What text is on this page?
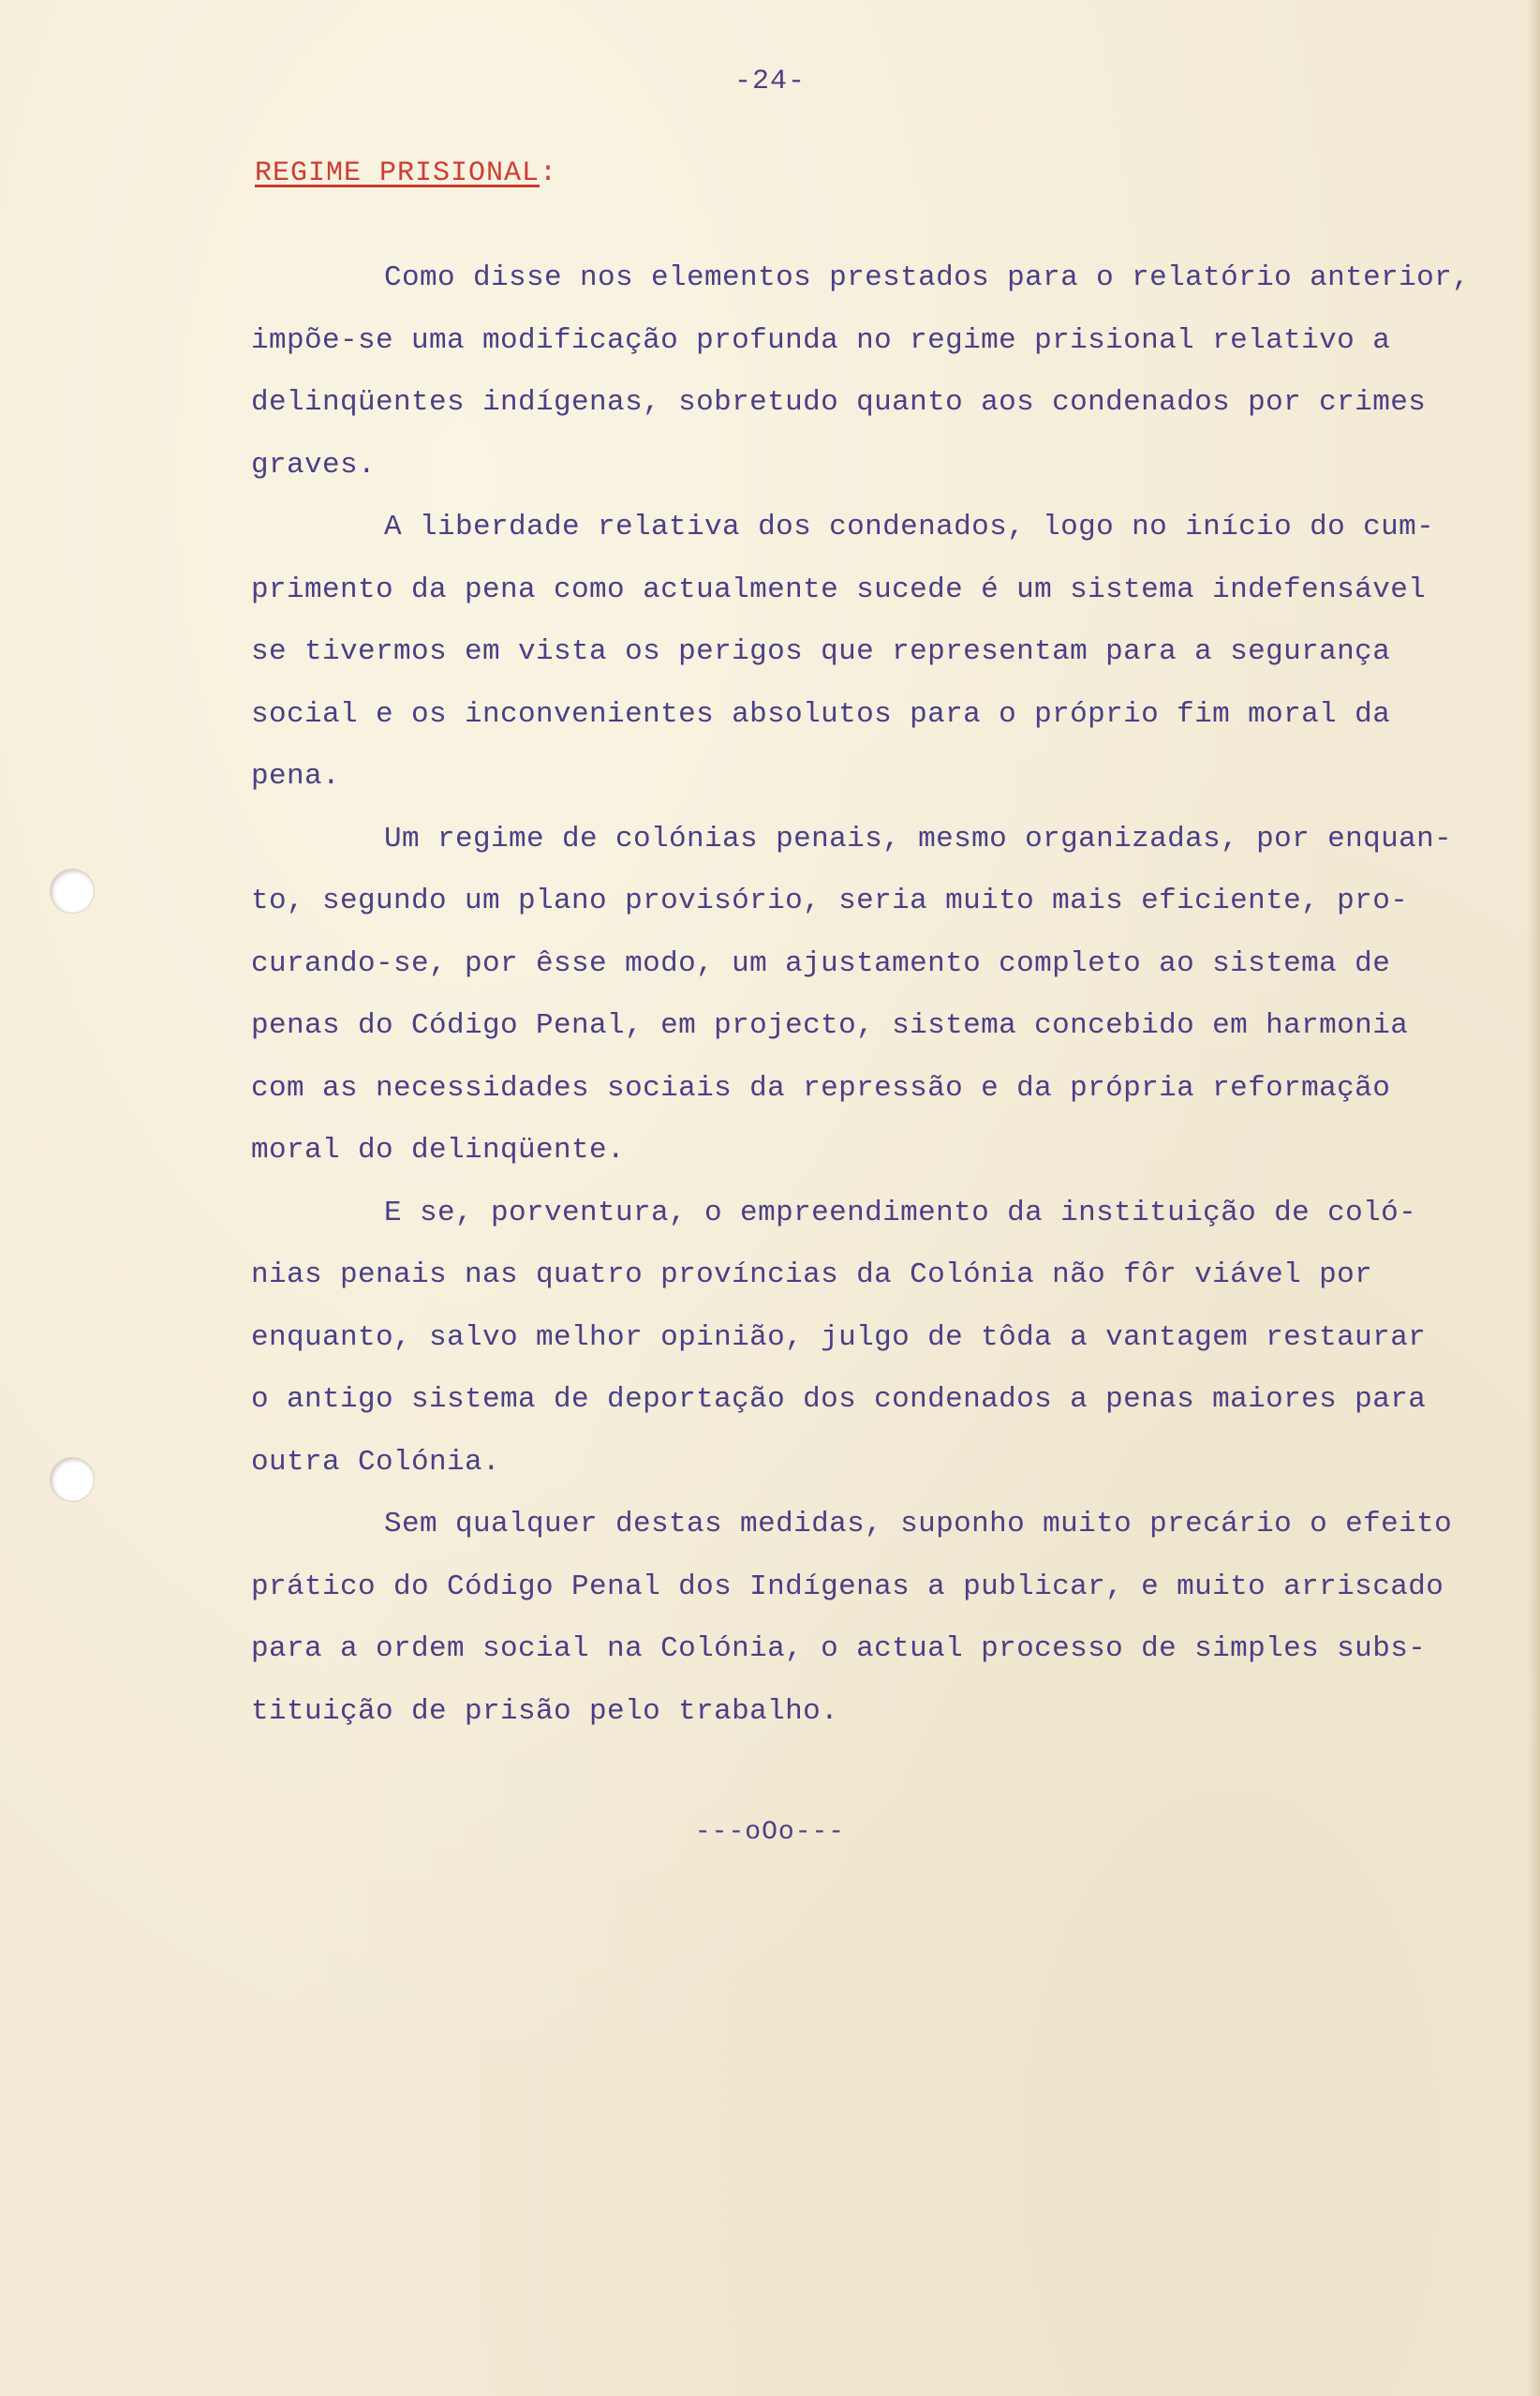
-24-
REGIME PRISIONAL:
Como disse nos elementos prestados para o relatório anterior,
impõe-se uma modificação profunda no regime prisional relativo a
delinqüentes indígenas, sobretudo quanto aos condenados por crimes
graves.
A liberdade relativa dos condenados, logo no início do cum-
primento da pena como actualmente sucede é um sistema indefensável
se tivermos em vista os perigos que representam para a segurança
social e os inconvenientes absolutos para o próprio fim moral da
pena.
Um regime de colónias penais, mesmo organizadas, por enquan-
to, segundo um plano provisório, seria muito mais eficiente, pro-
curando-se, por êsse modo, um ajustamento completo ao sistema de
penas do Código Penal, em projecto, sistema concebido em harmonia
com as necessidades sociais da repressão e da própria reformação
moral do delinqüente.
E se, porventura, o empreendimento da instituição de coló-
nias penais nas quatro províncias da Colónia não fôr viável por
enquanto, salvo melhor opinião, julgo de tôda a vantagem restaurar
o antigo sistema de deportação dos condenados a penas maiores para
outra Colónia.
Sem qualquer destas medidas, suponho muito precário o efeito
prático do Código Penal dos Indígenas a publicar, e muito arriscado
para a ordem social na Colónia, o actual processo de simples subs-
tituição de prisão pelo trabalho.
---oOo---
